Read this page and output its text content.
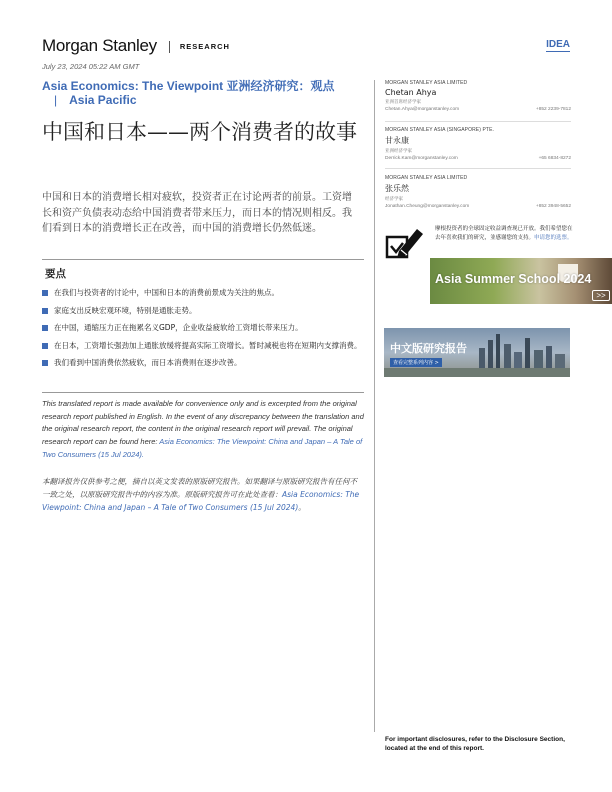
Morgan Stanley	RESEARCH	IDEA
July 23, 2024 05:22 AM GMT
Asia Economics: The Viewpoint 亚洲经济研究：观点| Asia Pacific
中国和日本——两个消费者的故事
中国和日本的消费增长相对疲软，投资者正在讨论两者的前景。工资增长和资产负债表动态给中国消费者带来压力，而日本的情况则相反。我们看到日本的消费增长正在改善，而中国的消费增长仍然低迷。
要点
在我们与投资者的讨论中，中国和日本的消费前景成为关注的焦点。
家庭支出反映宏观环境，特别是通胀走势。
在中国，通缩压力正在拖累名义GDP，企业收益疲软给工资增长带来压力。
在日本，工资增长强劲加上通胀放缓将提高实际工资增长。暂时减税也将在短期内支撑消费。
我们看到中国消费依然疲软，而日本消费则在逐步改善。
This translated report is made available for convenience only and is excerpted from the original research report published in English. In the event of any discrepancy between the translation and the original research report, the content in the original research report will prevail. The original research report can be found here: Asia Economics: The Viewpoint: China and Japan – A Tale of Two Consumers (15 Jul 2024).
本翻译报告仅供参考之便，摘自以英文发表的原版研究报告。如果翻译与原版研究报告有任何不一致之处，以原版研究报告中的内容为准。原版研究报告可在此处查看：Asia Economics: The Viewpoint: China and Japan – A Tale of Two Consumers (15 Jul 2024)。
MORGAN STANLEY ASIA LIMITED
Chetan Ahya
亚洲首席经济学家
Chetan.Ahya@morganstanley.com	+852 2239-7812
MORGAN STANLEY ASIA (SINGAPORE) PTE.
甘永康
亚洲经济学家
Derrick.Kam@morganstanley.com	+65 6834-8272
MORGAN STANLEY ASIA LIMITED
张乐然
经济学家
Jonathan.Cheung@morganstanley.com	+852 3948-5652
摩根投资者的全球固定收益调查现已开放。我们希望您在去年喜欢我们的研究，並感谢您的支持。申请您的选票。
Asia Summer School 2024
>>
中文版研究报告
查看完整系列内容 >
For important disclosures, refer to the Disclosure Section, located at the end of this report.
